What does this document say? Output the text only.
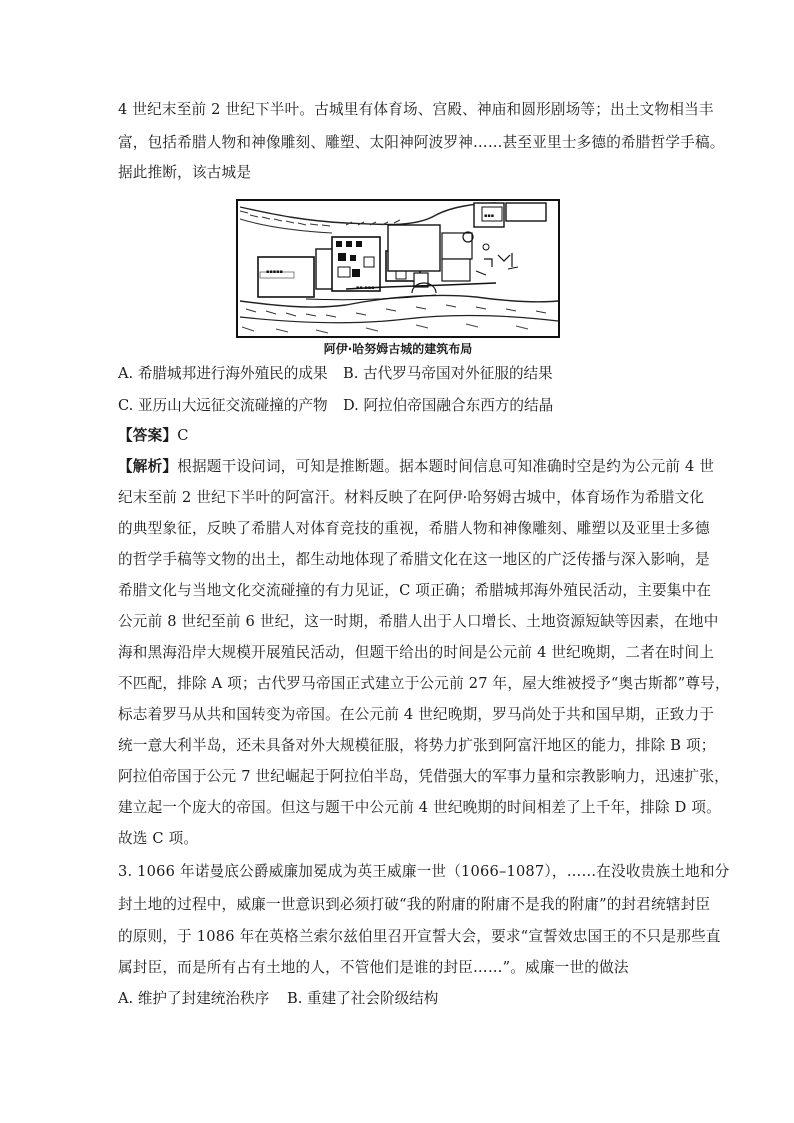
4 世纪末至前 2 世纪下半叶。古城里有体育场、宫殿、神庙和圆形剧场等；出土文物相当丰
富，包括希腊人物和神像雕刻、雕塑、太阳神阿波罗神……甚至亚里士多德的希腊哲学手稿。
据此推断，该古城是
▪▪▪▪▪
▪▪ ▪▪▪
▪▪▪
阿伊·哈努姆古城的建筑布局
A. 希腊城邦进行海外殖民的成果 B. 古代罗马帝国对外征服的结果
C. 亚历山大远征交流碰撞的产物 D. 阿拉伯帝国融合东西方的结晶
【答案】C
【解析】根据题干设问词，可知是推断题。据本题时间信息可知准确时空是约为公元前 4 世
纪末至前 2 世纪下半叶的阿富汗。材料反映了在阿伊·哈努姆古城中，体育场作为希腊文化
的典型象征，反映了希腊人对体育竞技的重视，希腊人物和神像雕刻、雕塑以及亚里士多德
的哲学手稿等文物的出土，都生动地体现了希腊文化在这一地区的广泛传播与深入影响，是
希腊文化与当地文化交流碰撞的有力见证，C 项正确；希腊城邦海外殖民活动，主要集中在
公元前 8 世纪至前 6 世纪，这一时期，希腊人出于人口增长、土地资源短缺等因素，在地中
海和黑海沿岸大规模开展殖民活动，但题干给出的时间是公元前 4 世纪晚期，二者在时间上
不匹配，排除 A 项；古代罗马帝国正式建立于公元前 27 年，屋大维被授予“奥古斯都”尊号，
标志着罗马从共和国转变为帝国。在公元前 4 世纪晚期，罗马尚处于共和国早期，正致力于
统一意大利半岛，还未具备对外大规模征服，将势力扩张到阿富汗地区的能力，排除 B 项；
阿拉伯帝国于公元 7 世纪崛起于阿拉伯半岛，凭借强大的军事力量和宗教影响力，迅速扩张，
建立起一个庞大的帝国。但这与题干中公元前 4 世纪晚期的时间相差了上千年，排除 D 项。
故选 C 项。
3. 1066 年诺曼底公爵威廉加冕成为英王威廉一世（1066–1087），……在没收贵族土地和分
封土地的过程中，威廉一世意识到必须打破“我的附庸的附庸不是我的附庸”的封君统辖封臣
的原则，于 1086 年在英格兰索尔兹伯里召开宣誓大会，要求“宣誓效忠国王的不只是那些直
属封臣，而是所有占有土地的人，不管他们是谁的封臣……”。威廉一世的做法
A. 维护了封建统治秩序 B. 重建了社会阶级结构
